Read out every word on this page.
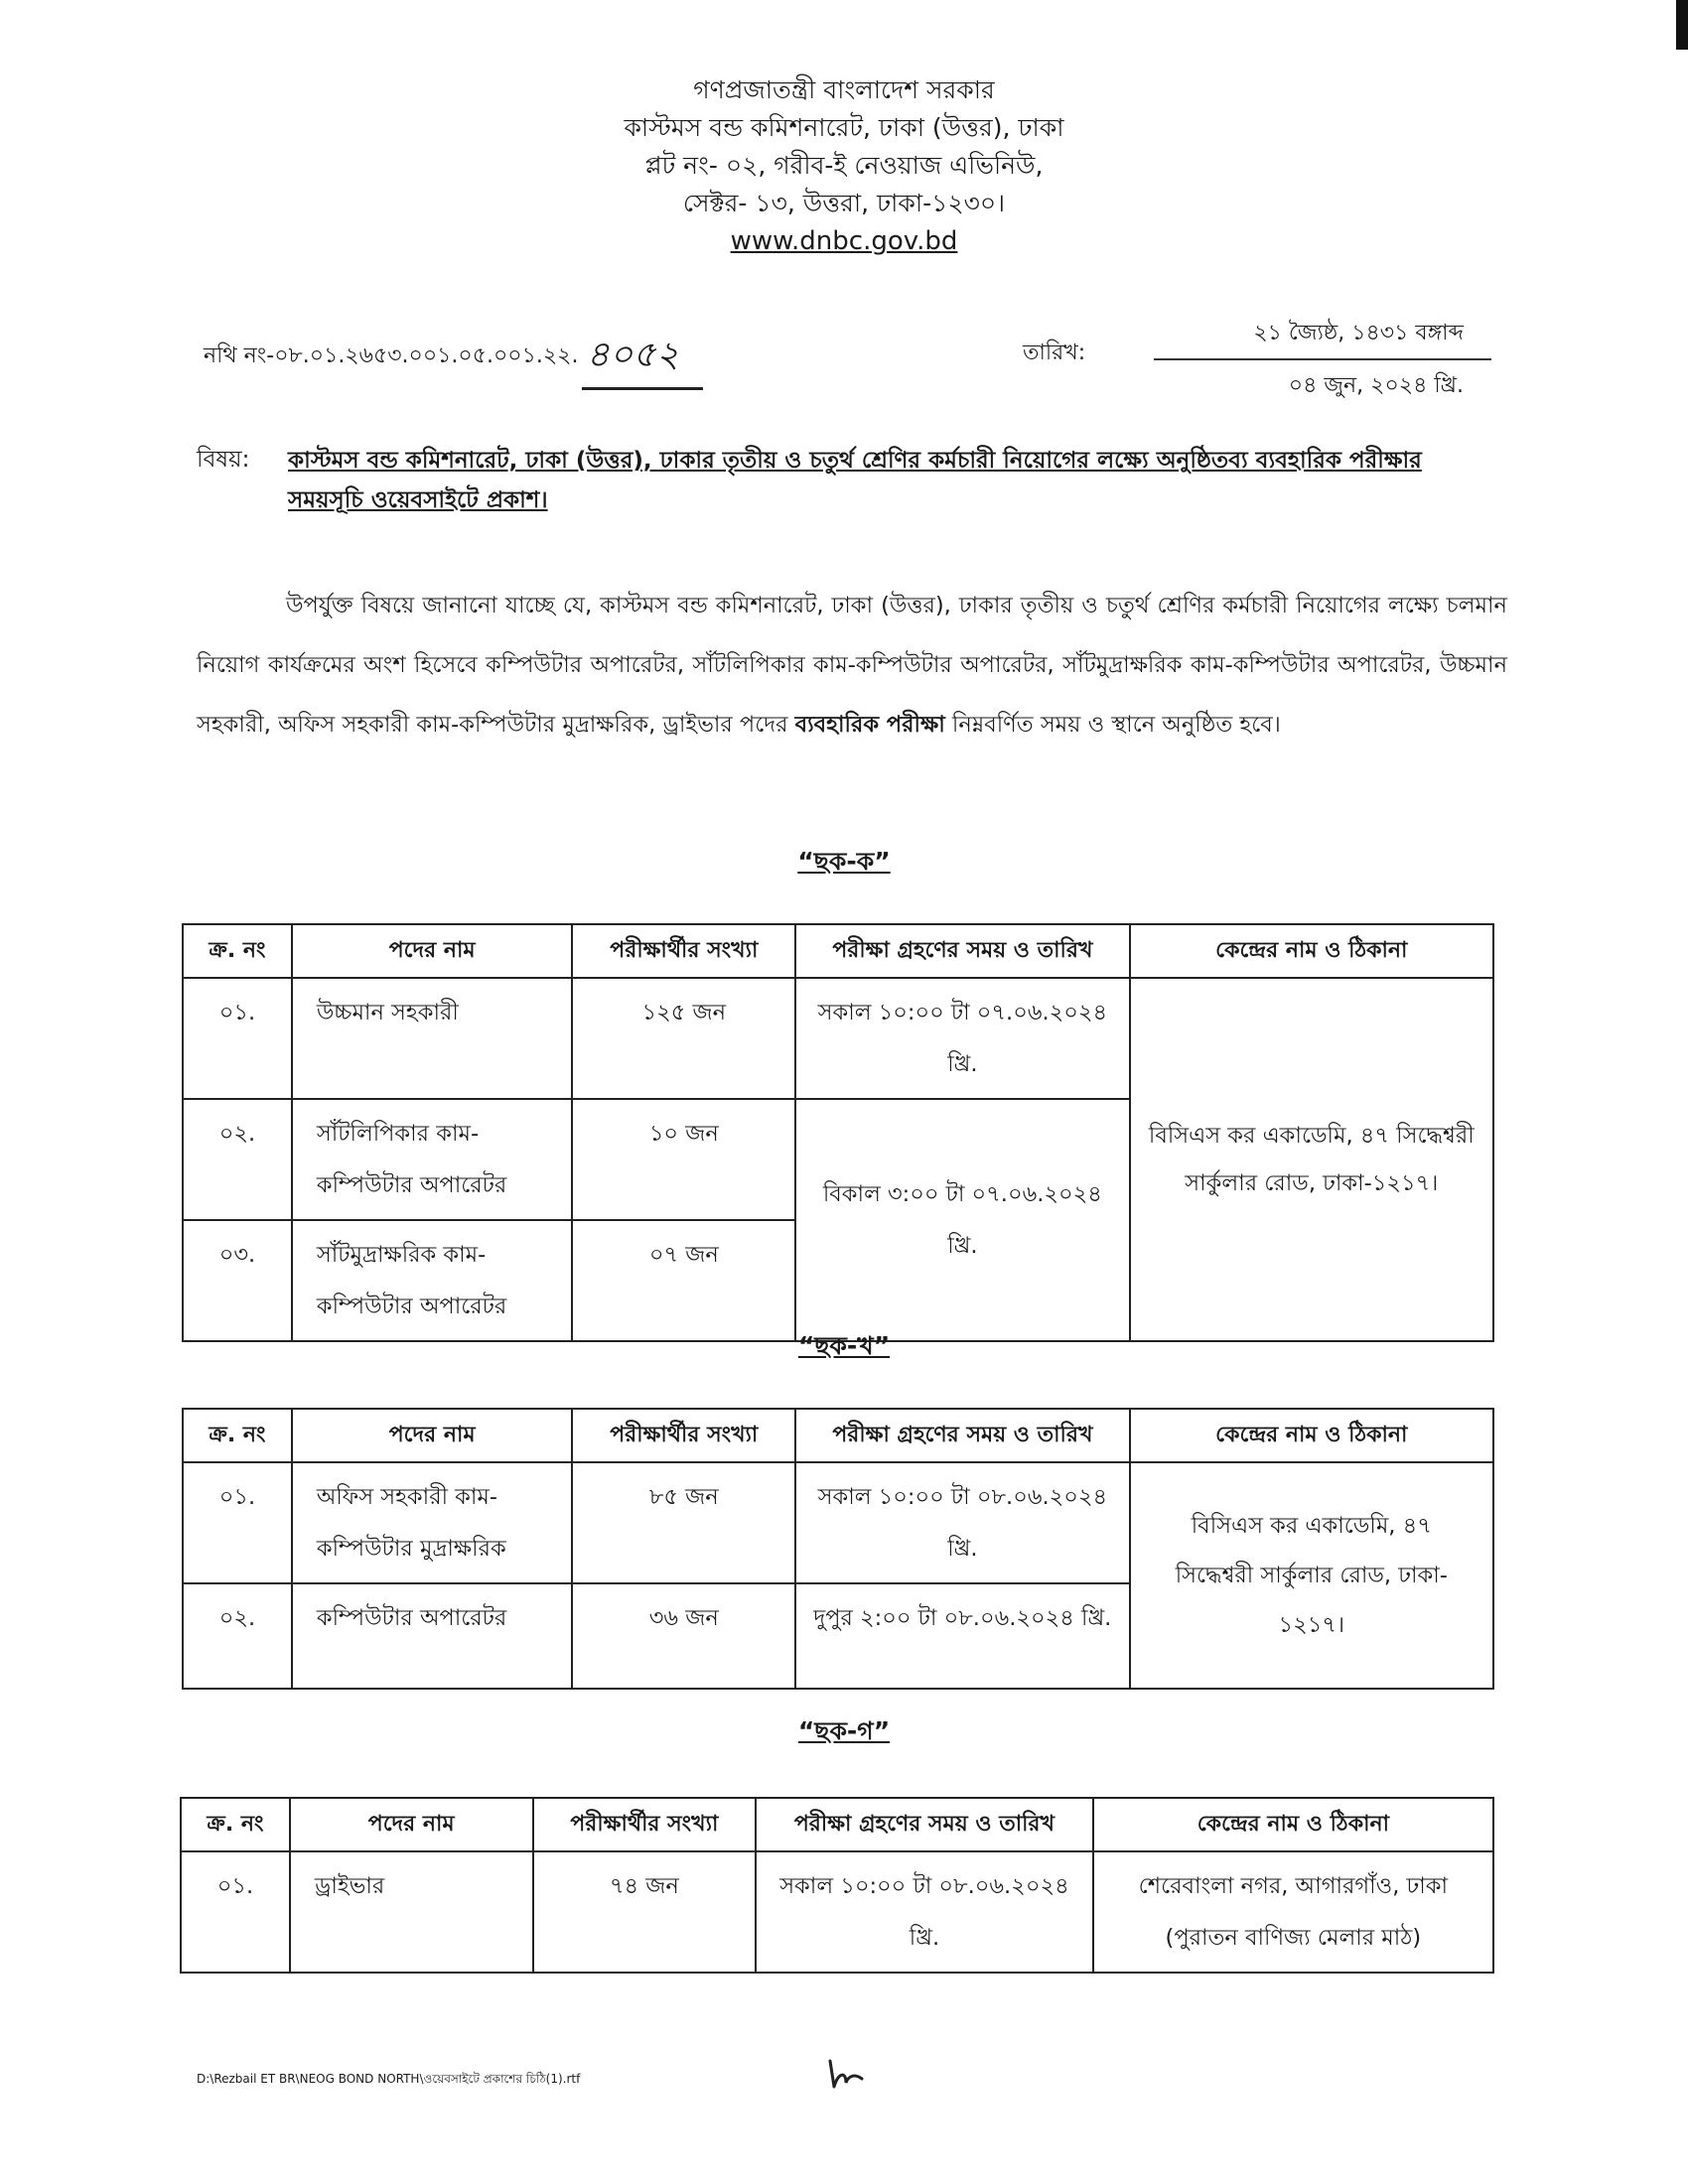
গণপ্রজাতন্ত্রী বাংলাদেশ সরকার
কাস্টমস বন্ড কমিশনারেট, ঢাকা (উত্তর), ঢাকা
প্লট নং- ০২, গরীব-ই নেওয়াজ এভিনিউ,
সেক্টর- ১৩, উত্তরা, ঢাকা-১২৩০।
www.dnbc.gov.bd
নথি নং-০৮.০১.২৬৫৩.০০১.০৫.০০১.২২. ৪০৫২	তারিখ:
২১ জ্যৈষ্ঠ, ১৪৩১ বঙ্গাব্দ
০৪ জুন, ২০২৪ খ্রি.
বিষয়: কাস্টমস বন্ড কমিশনারেট, ঢাকা (উত্তর), ঢাকার তৃতীয় ও চতুর্থ শ্রেণির কর্মচারী নিয়োগের লক্ষ্যে অনুষ্ঠিতব্য ব্যবহারিক পরীক্ষার সময়সূচি ওয়েবসাইটে প্রকাশ।
উপর্যুক্ত বিষয়ে জানানো যাচ্ছে যে, কাস্টমস বন্ড কমিশনারেট, ঢাকা (উত্তর), ঢাকার তৃতীয় ও চতুর্থ শ্রেণির কর্মচারী নিয়োগের লক্ষ্যে চলমান নিয়োগ কার্যক্রমের অংশ হিসেবে কম্পিউটার অপারেটর, সাঁটলিপিকার কাম-কম্পিউটার অপারেটর, সাঁটমুদ্রাক্ষরিক কাম-কম্পিউটার অপারেটর, উচ্চমান সহকারী, অফিস সহকারী কাম-কম্পিউটার মুদ্রাক্ষরিক, ড্রাইভার পদের ব্যবহারিক পরীক্ষা নিম্নবর্ণিত সময় ও স্থানে অনুষ্ঠিত হবে।
“ছক-ক”
ক্র. নং	পদের নাম	পরীক্ষার্থীর সংখ্যা	পরীক্ষা গ্রহণের সময় ও তারিখ	কেন্দ্রের নাম ও ঠিকানা
০১.	উচ্চমান সহকারী	১২৫ জন	সকাল ১০:০০ টা ০৭.০৬.২০২৪ খ্রি.	বিসিএস কর একাডেমি, ৪৭ সিদ্ধেশ্বরী সার্কুলার রোড, ঢাকা-১২১৭।
০২.	সাঁটলিপিকার কাম-কম্পিউটার অপারেটর	১০ জন	বিকাল ৩:০০ টা ০৭.০৬.২০২৪ খ্রি.	
০৩.	সাঁটমুদ্রাক্ষরিক কাম-কম্পিউটার অপারেটর	০৭ জন		
“ছক-খ”
ক্র. নং	পদের নাম	পরীক্ষার্থীর সংখ্যা	পরীক্ষা গ্রহণের সময় ও তারিখ	কেন্দ্রের নাম ও ঠিকানা
০১.	অফিস সহকারী কাম-কম্পিউটার মুদ্রাক্ষরিক	৮৫ জন	সকাল ১০:০০ টা ০৮.০৬.২০২৪ খ্রি.	বিসিএস কর একাডেমি, ৪৭ সিদ্ধেশ্বরী সার্কুলার রোড, ঢাকা- ১২১৭।
০২.	কম্পিউটার অপারেটর	৩৬ জন	দুপুর ২:০০ টা ০৮.০৬.২০২৪ খ্রি.	
“ছক-গ”
ক্র. নং	পদের নাম	পরীক্ষার্থীর সংখ্যা	পরীক্ষা গ্রহণের সময় ও তারিখ	কেন্দ্রের নাম ও ঠিকানা
০১.	ড্রাইভার	৭৪ জন	সকাল ১০:০০ টা ০৮.০৬.২০২৪ খ্রি.	শেরেবাংলা নগর, আগারগাঁও, ঢাকা (পুরাতন বাণিজ্য মেলার মাঠ)
D:\Rezbail ET BR\NEOG BOND NORTH\ওয়েবসাইটে প্রকাশের চিঠি(1).rtf
